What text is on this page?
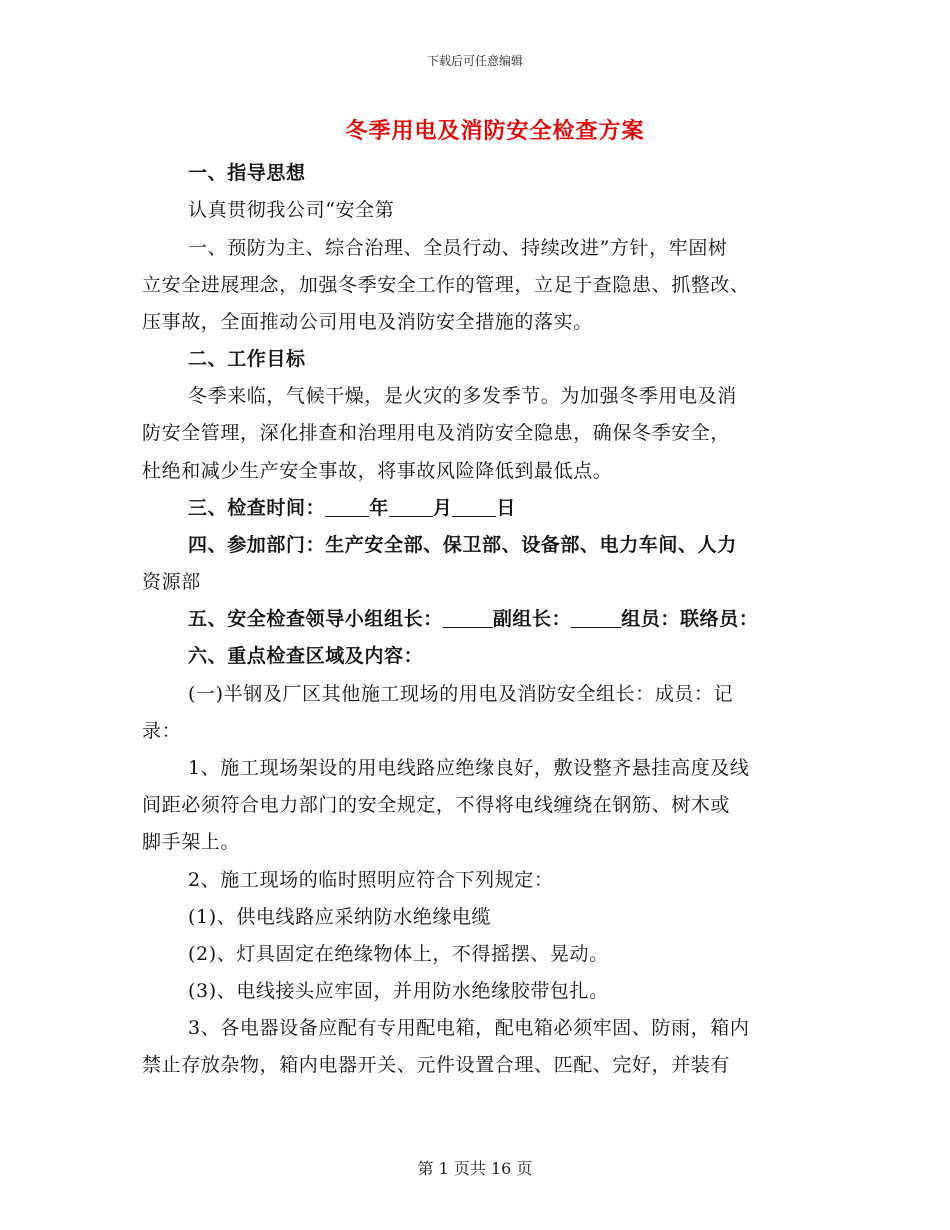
下载后可任意编辑
冬季用电及消防安全检查方案
一、指导思想
认真贯彻我公司“安全第
一、预防为主、综合治理、全员行动、持续改进”方针，牢固树
立安全进展理念，加强冬季安全工作的管理，立足于查隐患、抓整改、
压事故，全面推动公司用电及消防安全措施的落实。
二、工作目标
冬季来临，气候干燥，是火灾的多发季节。为加强冬季用电及消
防安全管理，深化排查和治理用电及消防安全隐患，确保冬季安全，
杜绝和减少生产安全事故，将事故风险降低到最低点。
三、检查时间： 年 月 日
四、参加部门：生产安全部、保卫部、设备部、电力车间、人力
资源部
五、安全检查领导小组组长：	副组长：	组员：联络员：
六、重点检查区域及内容：
(一)半钢及厂区其他施工现场的用电及消防安全组长：成员：记
录：
1、施工现场架设的用电线路应绝缘良好，敷设整齐悬挂高度及线
间距必须符合电力部门的安全规定，不得将电线缠绕在钢筋、树木或
脚手架上。
2、施工现场的临时照明应符合下列规定：
(1)、供电线路应采纳防水绝缘电缆
(2)、灯具固定在绝缘物体上，不得摇摆、晃动。
(3)、电线接头应牢固，并用防水绝缘胶带包扎。
3、各电器设备应配有专用配电箱，配电箱必须牢固、防雨，箱内
禁止存放杂物，箱内电器开关、元件设置合理、匹配、完好，并装有
第 1 页共 16 页
